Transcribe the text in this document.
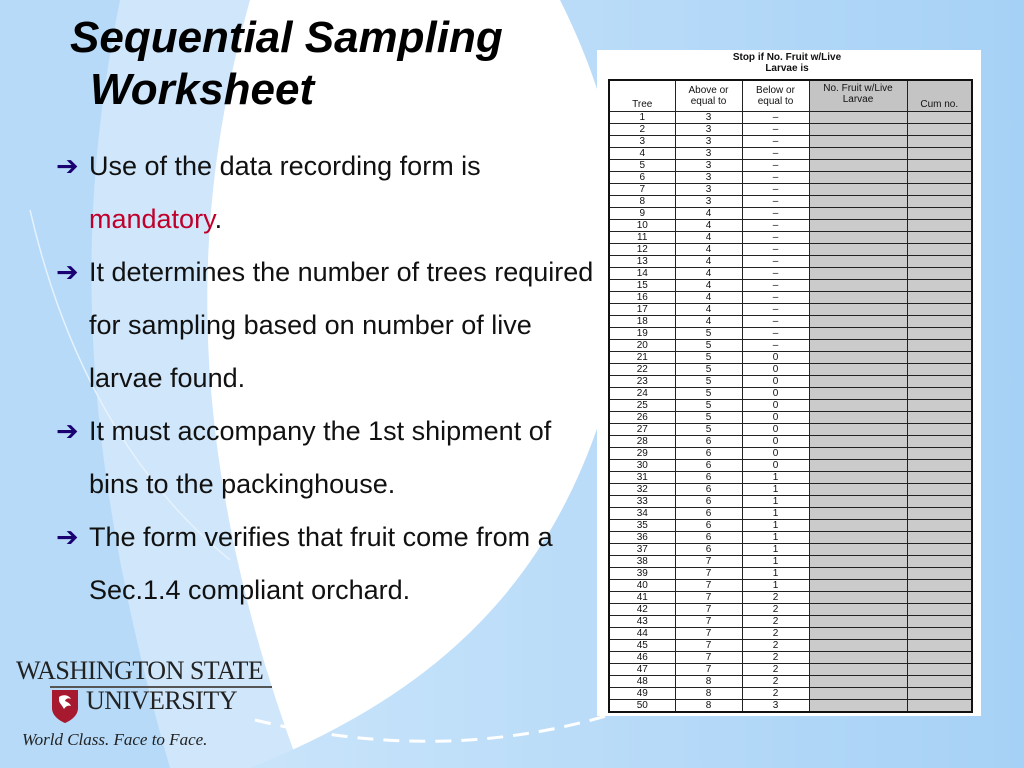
Sequential Sampling
Worksheet
➔ Use of the data recording form is mandatory.
➔ It determines the number of trees required for sampling based on number of live larvae found.
➔ It must accompany the 1st shipment of bins to the packinghouse.
➔ The form verifies that fruit come from a Sec.1.4 compliant orchard.
Stop if No. Fruit w/Live Larvae is
Tree	Above or equal to	Below or equal to	No. Fruit w/Live Larvae	Cum no.
1	3	–		
2	3	–		
3	3	–		
4	3	–		
5	3	–		
6	3	–		
7	3	–		
8	3	–		
9	4	–		
10	4	–		
11	4	–		
12	4	–		
13	4	–		
14	4	–		
15	4	–		
16	4	–		
17	4	–		
18	4	–		
19	5	–		
20	5	–		
21	5	0		
22	5	0		
23	5	0		
24	5	0		
25	5	0		
26	5	0		
27	5	0		
28	6	0		
29	6	0		
30	6	0		
31	6	1		
32	6	1		
33	6	1		
34	6	1		
35	6	1		
36	6	1		
37	6	1		
38	7	1		
39	7	1		
40	7	1		
41	7	2		
42	7	2		
43	7	2		
44	7	2		
45	7	2		
46	7	2		
47	7	2		
48	8	2		
49	8	2		
50	8	3		
WASHINGTON STATE
UNIVERSITY
World Class. Face to Face.
